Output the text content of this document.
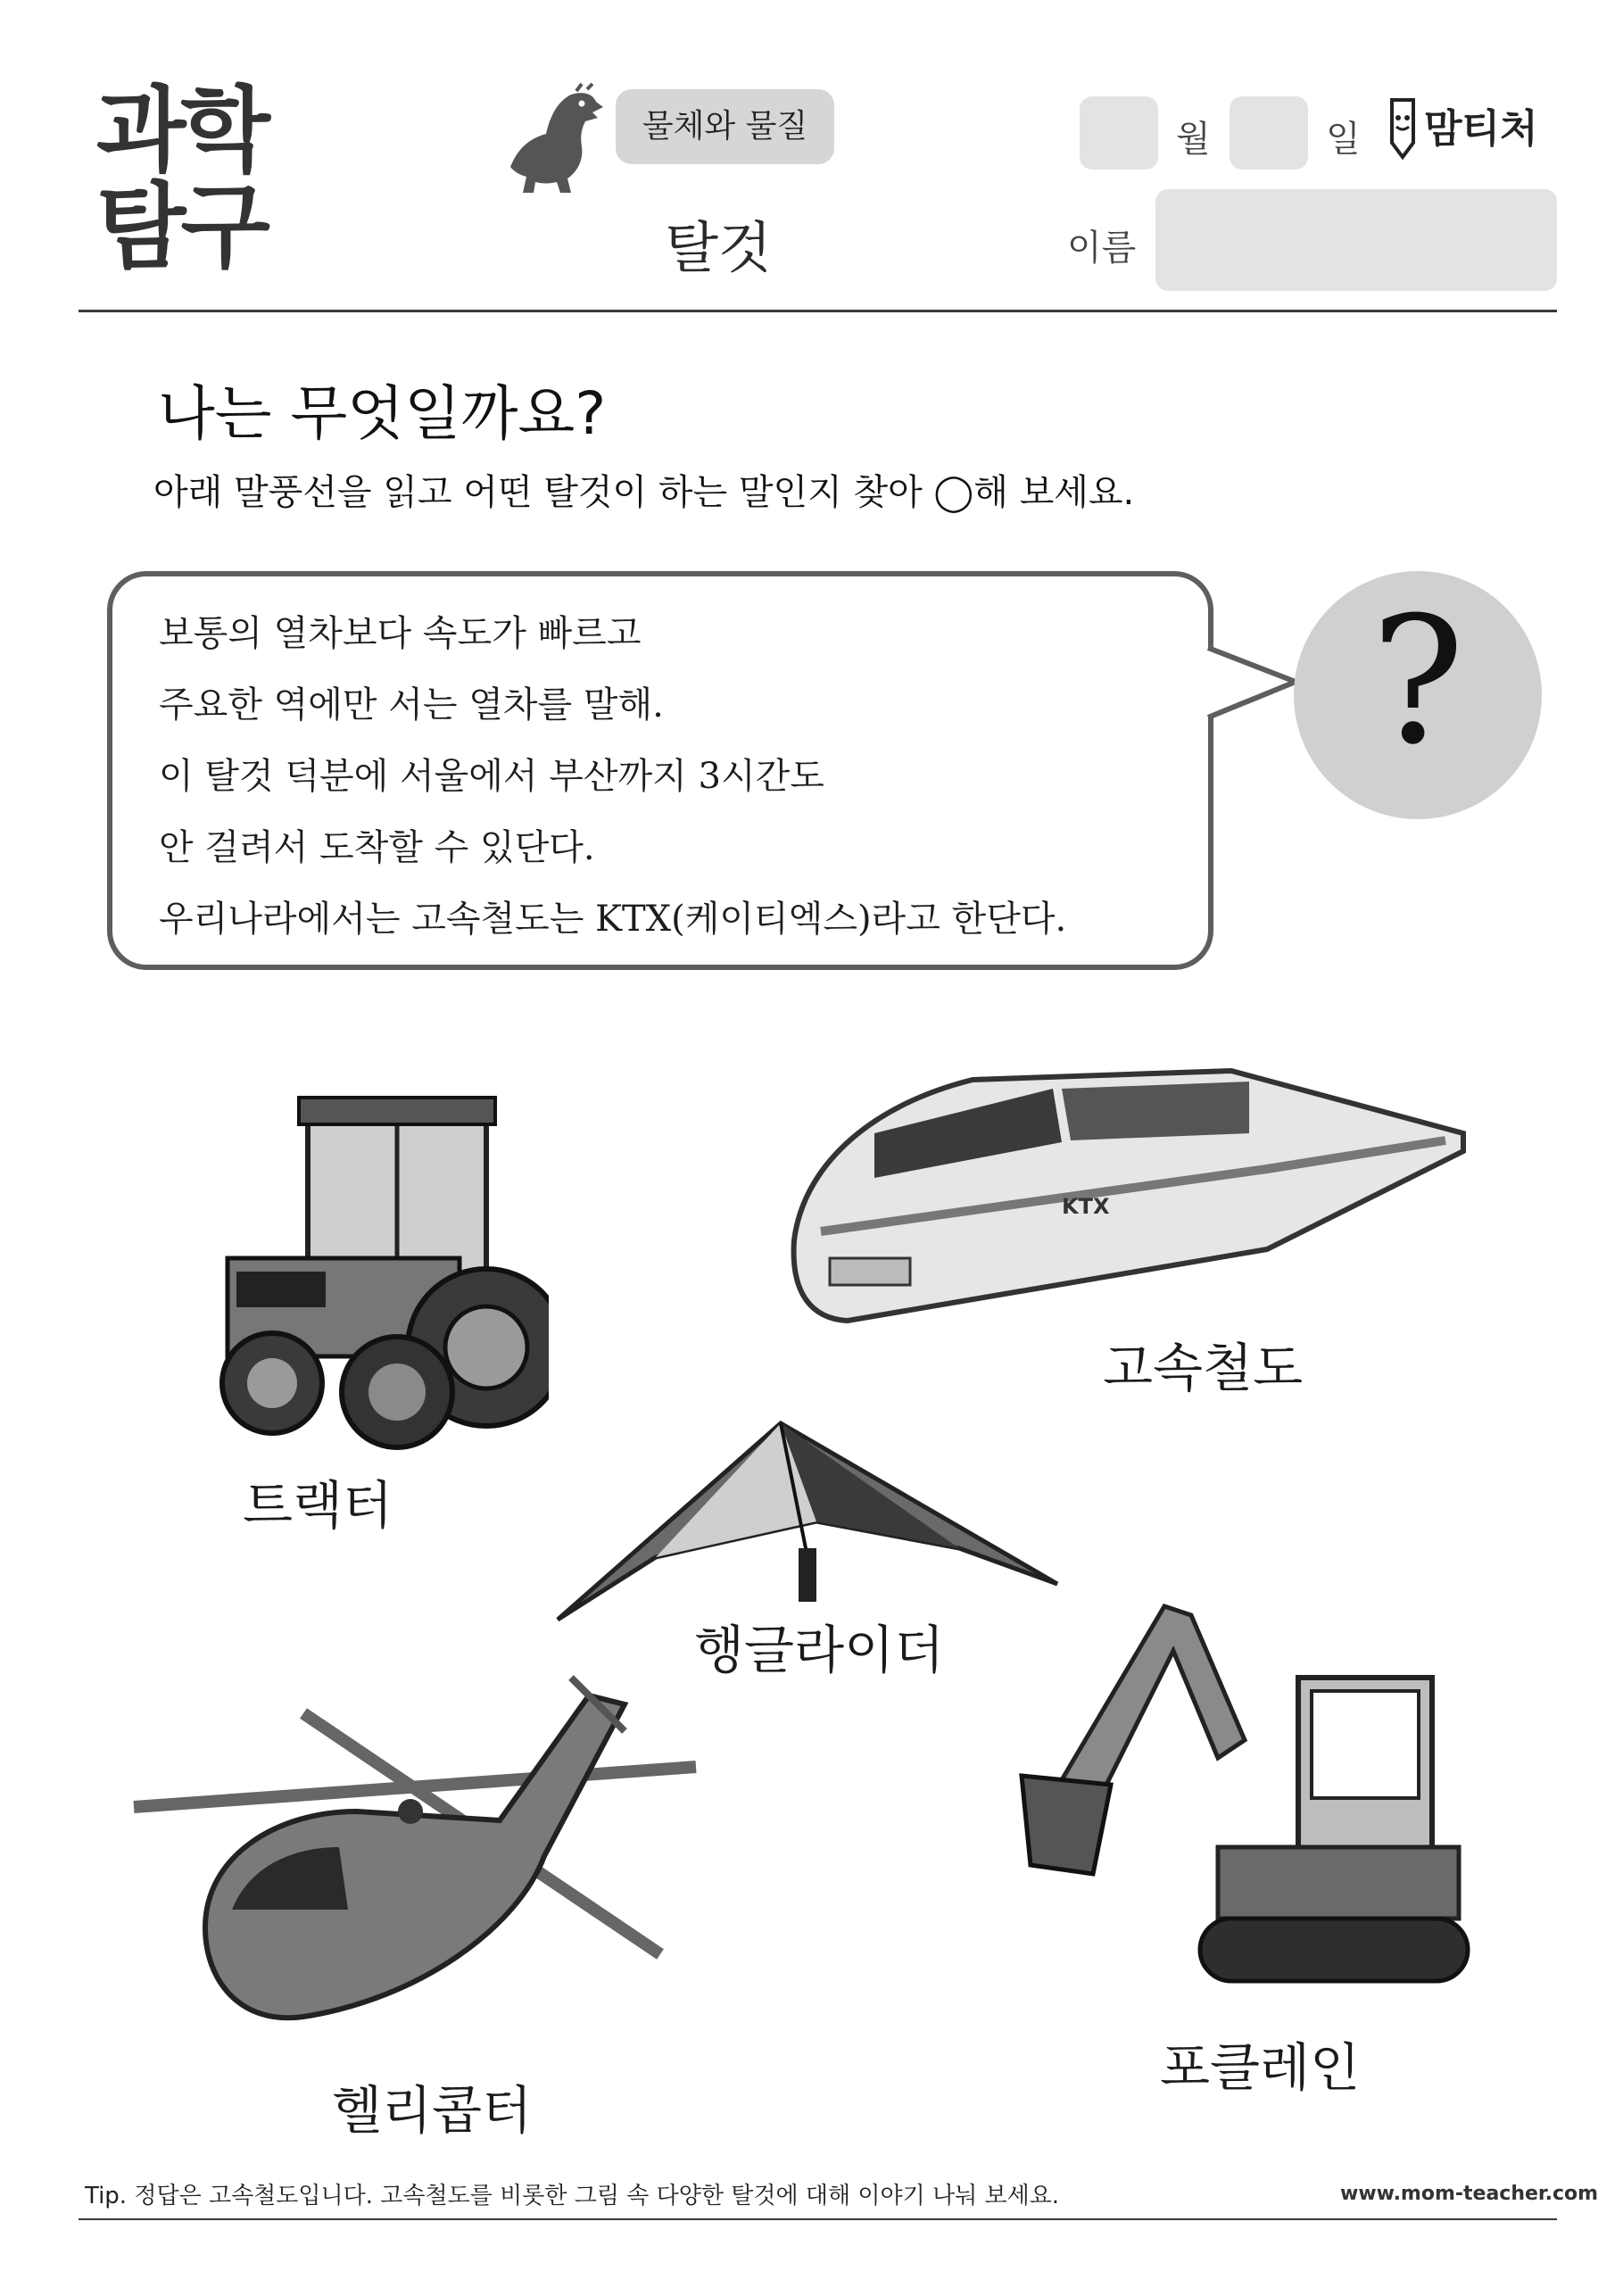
과학
탐구
물체와 물질
탈것
월	일 맘티처
이름
나는 무엇일까요?
아래 말풍선을 읽고 어떤 탈것이 하는 말인지 찾아 ◯해 보세요.
보통의 열차보다 속도가 빠르고
주요한 역에만 서는 열차를 말해.
이 탈것 덕분에 서울에서 부산까지 3시간도
안 걸려서 도착할 수 있단다.
우리나라에서는 고속철도는 KTX(케이티엑스)라고 한단다.
?
트랙터
KTX
고속철도
행글라이더
헬리콥터
포클레인
Tip. 정답은 고속철도입니다. 고속철도를 비롯한 그림 속 다양한 탈것에 대해 이야기 나눠 보세요.	www.mom-teacher.com
